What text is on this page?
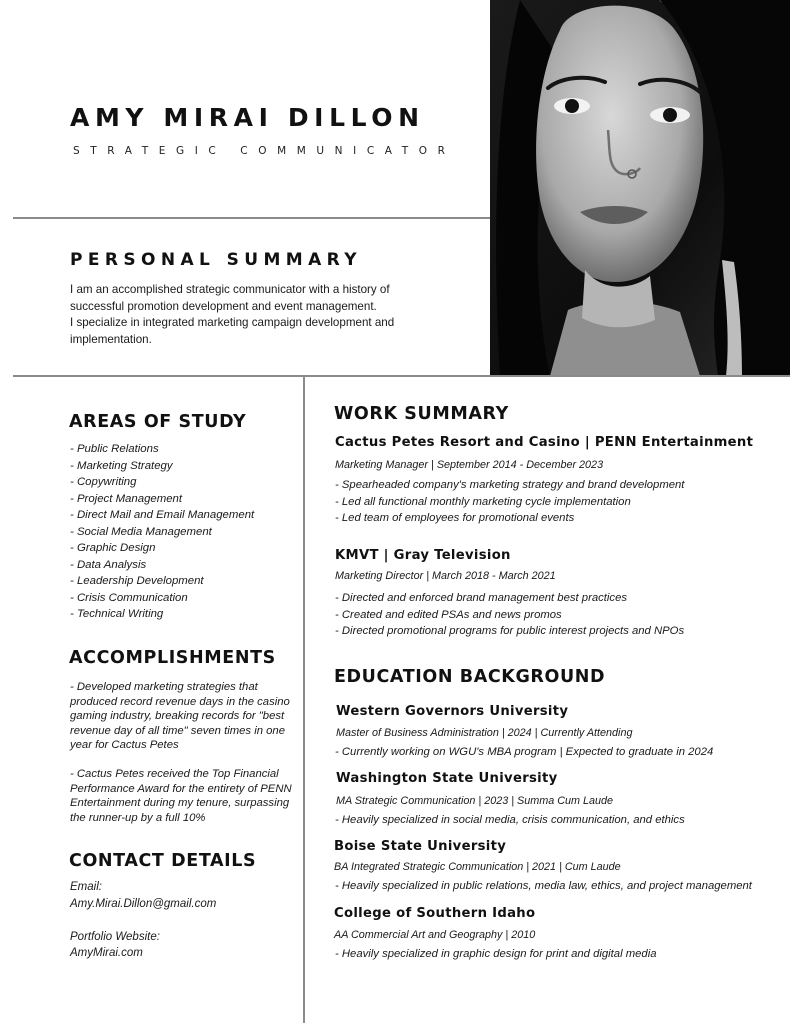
AMY MIRAI DILLON
STRATEGIC COMMUNICATOR
PERSONAL SUMMARY
I am an accomplished strategic communicator with a history of
successful promotion development and event management.
I specialize in integrated marketing campaign development and
implementation.
AREAS OF STUDY
- Public Relations
- Marketing Strategy
- Copywriting
- Project Management
- Direct Mail and Email Management
- Social Media Management
- Graphic Design
- Data Analysis
- Leadership Development
- Crisis Communication
- Technical Writing
ACCOMPLISHMENTS
- Developed marketing strategies that produced record revenue days in the casino gaming industry, breaking records for "best revenue day of all time" seven times in one year for Cactus Petes
- Cactus Petes received the Top Financial Performance Award for the entirety of PENN Entertainment during my tenure, surpassing the runner-up by a full 10%
CONTACT DETAILS
Email:
Amy.Mirai.Dillon@gmail.com
Portfolio Website:
AmyMirai.com
WORK SUMMARY
Cactus Petes Resort and Casino | PENN Entertainment
Marketing Manager | September 2014 - December 2023
- Spearheaded company's marketing strategy and brand development
- Led all functional monthly marketing cycle implementation
- Led team of employees for promotional events
KMVT | Gray Television
Marketing Director | March 2018 - March 2021
- Directed and enforced brand management best practices
- Created and edited PSAs and news promos
- Directed promotional programs for public interest projects and NPOs
EDUCATION BACKGROUND
Western Governors University
Master of Business Administration | 2024 | Currently Attending
- Currently working on WGU's MBA program | Expected to graduate in 2024
Washington State University
MA Strategic Communication | 2023 | Summa Cum Laude
- Heavily specialized in social media, crisis communication, and ethics
Boise State University
BA Integrated Strategic Communication | 2021 | Cum Laude
- Heavily specialized in public relations, media law, ethics, and project management
College of Southern Idaho
AA Commercial Art and Geography | 2010
- Heavily specialized in graphic design for print and digital media
